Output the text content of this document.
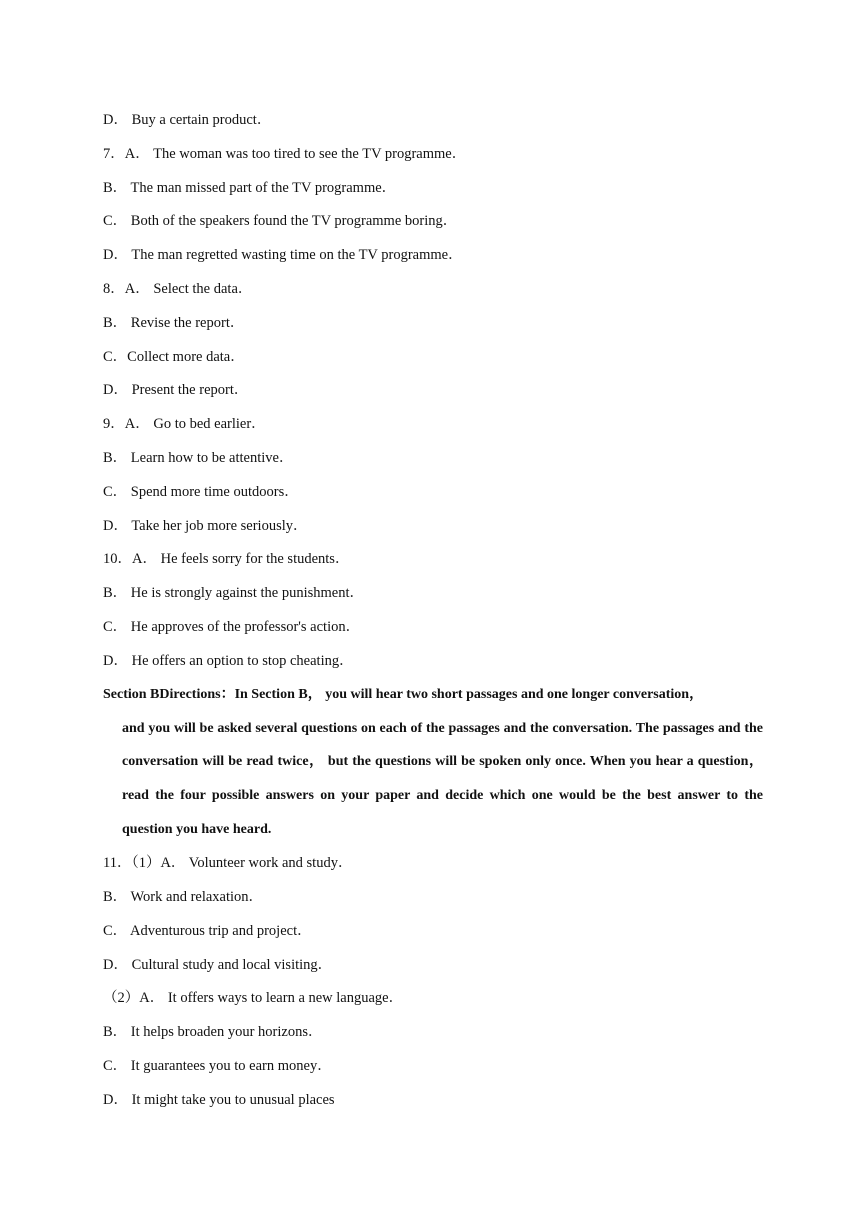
D． Buy a certain product．
7．A． The woman was too tired to see the TV programme．
B． The man missed part of the TV programme．
C． Both of the speakers found the TV programme boring．
D． The man regretted wasting time on the TV programme．
8．A． Select the data．
B． Revise the report．
C．Collect more data．
D． Present the report．
9．A． Go to bed earlier．
B． Learn how to be attentive．
C． Spend more time outdoors．
D． Take her job more seriously．
10．A． He feels sorry for the students．
B． He is strongly against the punishment．
C． He approves of the professor's action．
D． He offers an option to stop cheating．
Section BDirections：In Section B， you will hear two short passages and one longer conversation，
and you will be asked several questions on each of the passages and the conversation. The passages and the conversation will be read twice， but the questions will be spoken only once. When you hear a question， read the four possible answers on your paper and decide which one would be the best answer to the question you have heard.
11．（1）A． Volunteer work and study．
B． Work and relaxation．
C． Adventurous trip and project．
D． Cultural study and local visiting．
（2）A． It offers ways to learn a new language．
B． It helps broaden your horizons．
C． It guarantees you to earn money．
D． It might take you to unusual places
